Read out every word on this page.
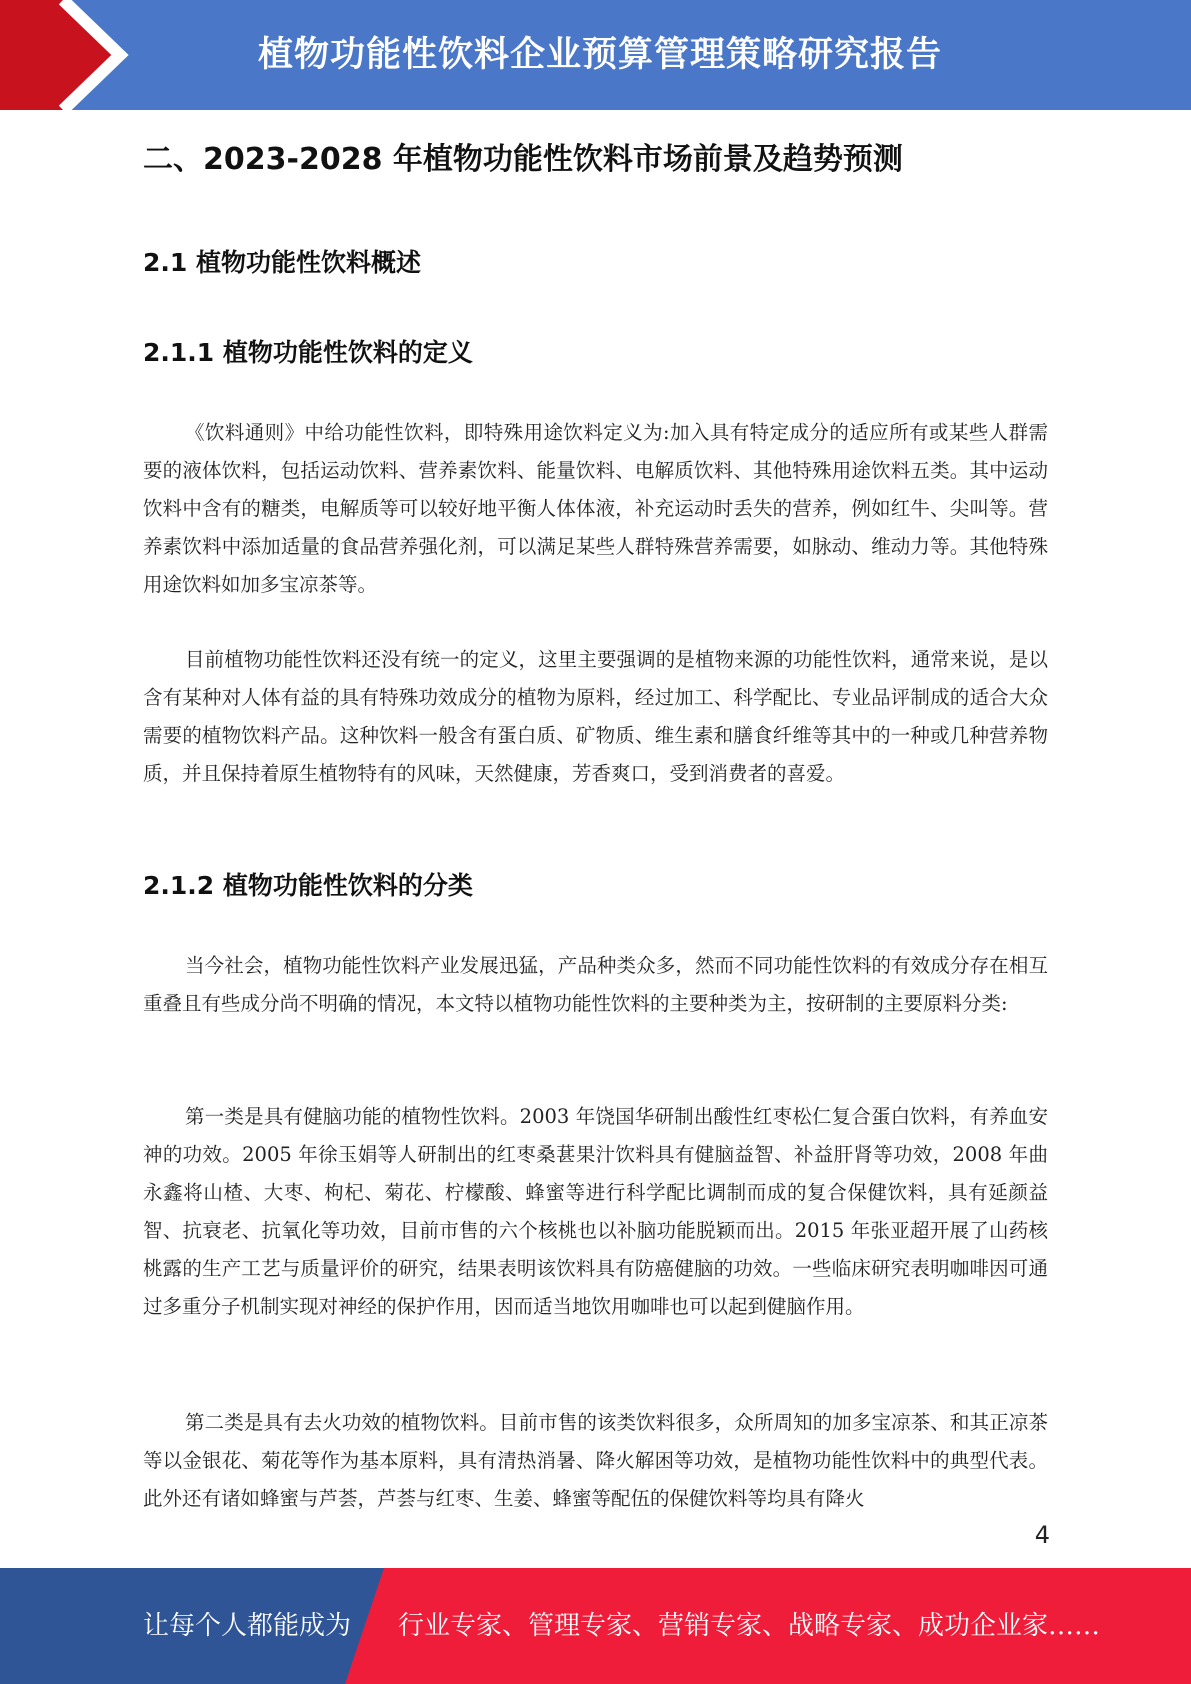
植物功能性饮料企业预算管理策略研究报告
二、2023-2028 年植物功能性饮料市场前景及趋势预测
2.1 植物功能性饮料概述
2.1.1 植物功能性饮料的定义

《饮料通则》中给功能性饮料，即特殊用途饮料定义为:加入具有特定成分的适应所有或某些人群需要的液体饮料，包括运动饮料、营养素饮料、能量饮料、电解质饮料、其他特殊用途饮料五类。其中运动饮料中含有的糖类，电解质等可以较好地平衡人体体液，补充运动时丢失的营养，例如红牛、尖叫等。营养素饮料中添加适量的食品营养强化剂，可以满足某些人群特殊营养需要，如脉动、维动力等。其他特殊用途饮料如加多宝凉茶等。

目前植物功能性饮料还没有统一的定义，这里主要强调的是植物来源的功能性饮料，通常来说，是以含有某种对人体有益的具有特殊功效成分的植物为原料，经过加工、科学配比、专业品评制成的适合大众需要的植物饮料产品。这种饮料一般含有蛋白质、矿物质、维生素和膳食纤维等其中的一种或几种营养物质，并且保持着原生植物特有的风味，天然健康，芳香爽口，受到消费者的喜爱。

2.1.2 植物功能性饮料的分类

当今社会，植物功能性饮料产业发展迅猛，产品种类众多，然而不同功能性饮料的有效成分存在相互重叠且有些成分尚不明确的情况，本文特以植物功能性饮料的主要种类为主，按研制的主要原料分类:

第一类是具有健脑功能的植物性饮料。2003 年饶国华研制出酸性红枣松仁复合蛋白饮料，有养血安神的功效。2005 年徐玉娟等人研制出的红枣桑葚果汁饮料具有健脑益智、补益肝肾等功效，2008 年曲永鑫将山楂、大枣、枸杞、菊花、柠檬酸、蜂蜜等进行科学配比调制而成的复合保健饮料，具有延颜益智、抗衰老、抗氧化等功效，目前市售的六个核桃也以补脑功能脱颖而出。2015 年张亚超开展了山药核桃露的生产工艺与质量评价的研究，结果表明该饮料具有防癌健脑的功效。一些临床研究表明咖啡因可通过多重分子机制实现对神经的保护作用，因而适当地饮用咖啡也可以起到健脑作用。

第二类是具有去火功效的植物饮料。目前市售的该类饮料很多，众所周知的加多宝凉茶、和其正凉茶等以金银花、菊花等作为基本原料，具有清热消暑、降火解困等功效，是植物功能性饮料中的典型代表。此外还有诸如蜂蜜与芦荟，芦荟与红枣、生姜、蜂蜜等配伍的保健饮料等均具有降火

4
让每个人都能成为	行业专家、管理专家、营销专家、战略专家、成功企业家……
